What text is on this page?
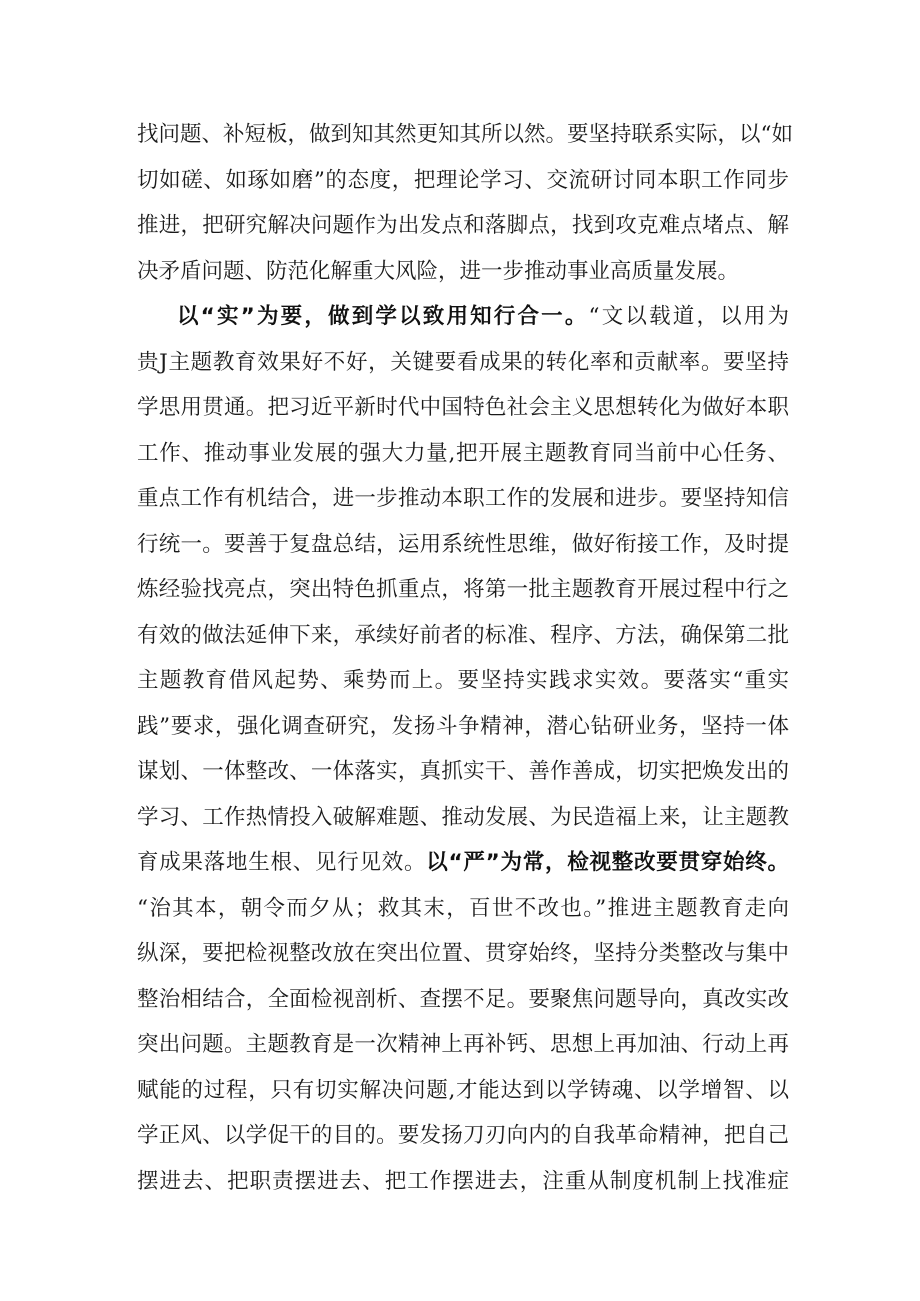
找问题、补短板，做到知其然更知其所以然。要坚持联系实际，以“如
切如磋、如琢如磨”的态度，把理论学习、交流研讨同本职工作同步
推进，把研究解决问题作为出发点和落脚点，找到攻克难点堵点、解
决矛盾问题、防范化解重大风险，进一步推动事业高质量发展。
以“实”为要，做到学以致用知行合一。“文以载道，以用为
贵J主题教育效果好不好，关键要看成果的转化率和贡献率。要坚持
学思用贯通。把习近平新时代中国特色社会主义思想转化为做好本职
工作、推动事业发展的强大力量,把开展主题教育同当前中心任务、
重点工作有机结合，进一步推动本职工作的发展和进步。要坚持知信
行统一。要善于复盘总结，运用系统性思维，做好衔接工作，及时提
炼经验找亮点，突出特色抓重点，将第一批主题教育开展过程中行之
有效的做法延伸下来，承续好前者的标准、程序、方法，确保第二批
主题教育借风起势、乘势而上。要坚持实践求实效。要落实“重实
践”要求，强化调查研究，发扬斗争精神，潜心钻研业务，坚持一体
谋划、一体整改、一体落实，真抓实干、善作善成，切实把焕发出的
学习、工作热情投入破解难题、推动发展、为民造福上来，让主题教
育成果落地生根、见行见效。以“严”为常，检视整改要贯穿始终。
“治其本，朝令而夕从；救其末，百世不改也。”推进主题教育走向
纵深，要把检视整改放在突出位置、贯穿始终，坚持分类整改与集中
整治相结合，全面检视剖析、查摆不足。要聚焦问题导向，真改实改
突出问题。主题教育是一次精神上再补钙、思想上再加油、行动上再
赋能的过程，只有切实解决问题,才能达到以学铸魂、以学增智、以
学正风、以学促干的目的。要发扬刀刃向内的自我革命精神，把自己
摆进去、把职责摆进去、把工作摆进去，注重从制度机制上找准症
